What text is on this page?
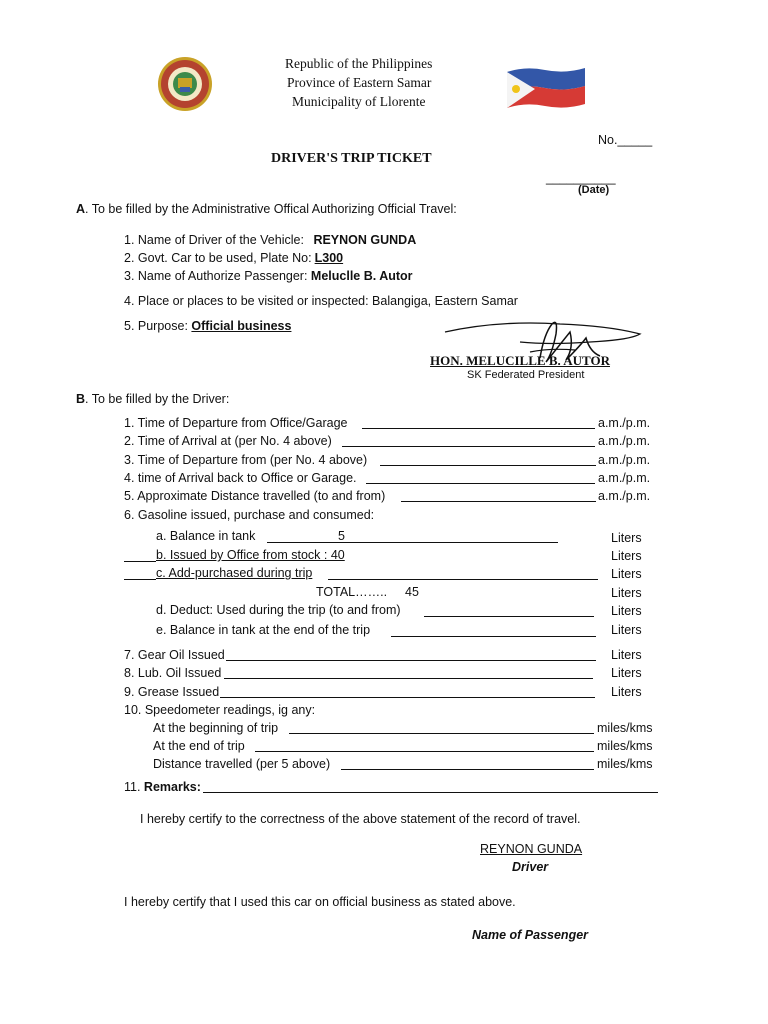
Republic of the Philippines
Province of Eastern Samar
Municipality of Llorente
No._____
DRIVER'S TRIP TICKET
__________
(Date)
A. To be filled by the Administrative Offical Authorizing Official Travel:
1. Name of Driver of the Vehicle: REYNON GUNDA
2. Govt. Car to be used, Plate No: L300
3. Name of Authorize Passenger: Meluclle B. Autor
4. Place or places to be visited or inspected: Balangiga, Eastern Samar
5. Purpose: Official business
HON. MELUCILLE B. AUTOR
SK Federated President
B. To be filled by the Driver:
1. Time of Departure from Office/Garage	a.m./p.m.
2. Time of Arrival at (per No. 4 above)	a.m./p.m.
3. Time of Departure from (per No. 4 above)	a.m./p.m.
4. time of Arrival back to Office or Garage.	a.m./p.m.
5. Approximate Distance travelled (to and from)	a.m./p.m.
6. Gasoline issued, purchase and consumed:
a. Balance in tank	5	Liters
b. Issued by Office from stock : 40	Liters
c. Add-purchased during trip	Liters
TOTAL…….. 45	Liters
d. Deduct: Used during the trip (to and from)	Liters
e. Balance in tank at the end of the trip	Liters
7. Gear Oil Issued	Liters
8. Lub. Oil Issued	Liters
9. Grease Issued	Liters
10. Speedometer readings, ig any:
At the beginning of trip	miles/kms
At the end of trip	miles/kms
Distance travelled (per 5 above)	miles/kms
11. Remarks:
I hereby certify to the correctness of the above statement of the record of travel.
REYNON GUNDA
Driver
I hereby certify that I used this car on official business as stated above.
Name of Passenger
